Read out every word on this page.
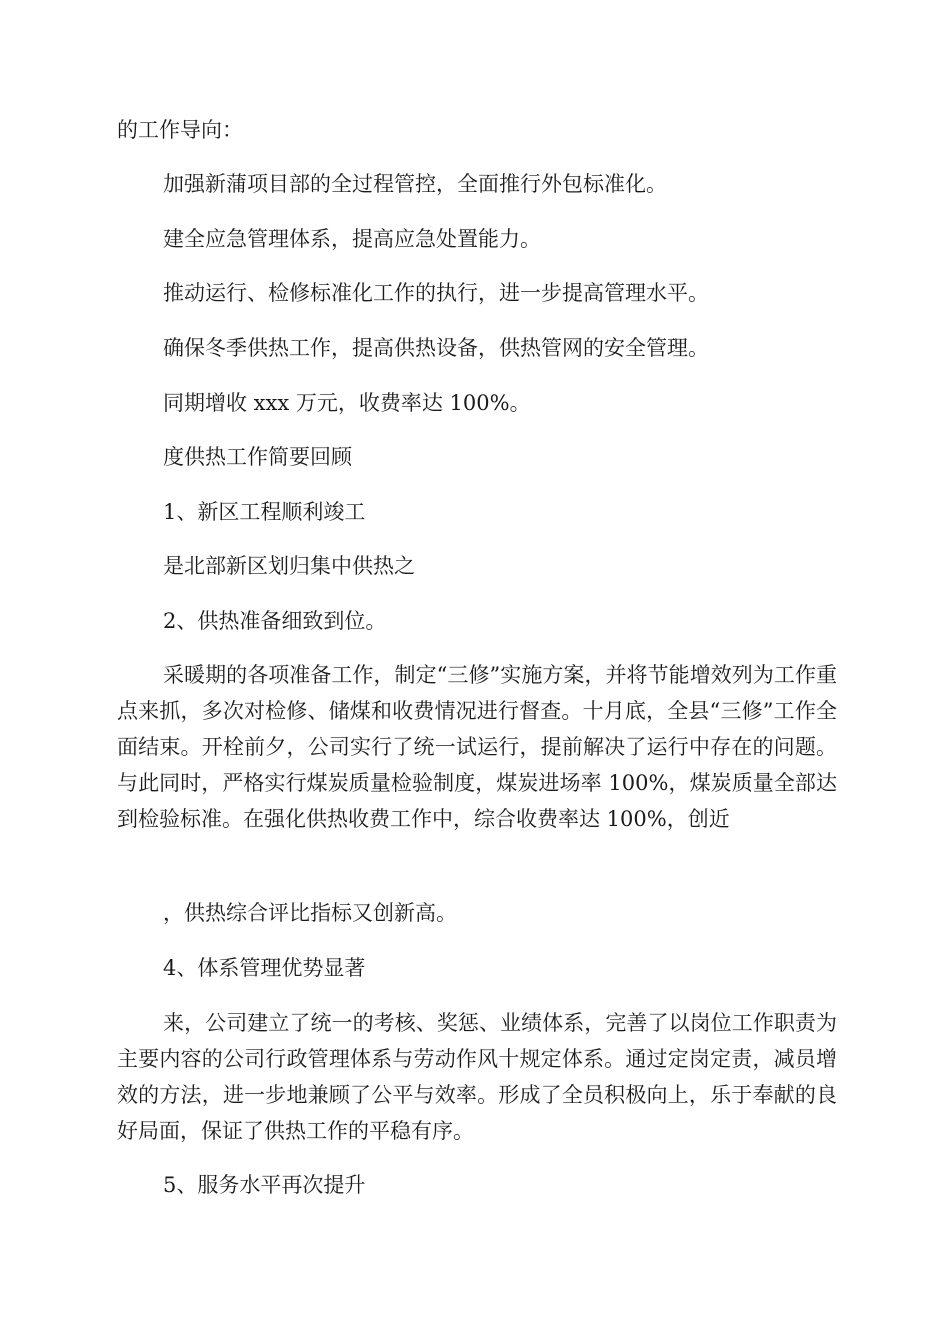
的工作导向：

加强新蒲项目部的全过程管控，全面推行外包标准化。

建全应急管理体系，提高应急处置能力。

推动运行、检修标准化工作的执行，进一步提高管理水平。

确保冬季供热工作，提高供热设备，供热管网的安全管理。

同期增收 xxx 万元，收费率达 100%。

度供热工作简要回顾

1、新区工程顺利竣工

是北部新区划归集中供热之

2、供热准备细致到位。

采暖期的各项准备工作，制定“三修”实施方案，并将节能增效列为工作重点来抓，多次对检修、储煤和收费情况进行督查。十月底，全县“三修”工作全面结束。开栓前夕，公司实行了统一试运行，提前解决了运行中存在的问题。与此同时，严格实行煤炭质量检验制度，煤炭进场率 100%，煤炭质量全部达到检验标准。在强化供热收费工作中，综合收费率达 100%，创近

，供热综合评比指标又创新高。

4、体系管理优势显著

来，公司建立了统一的考核、奖惩、业绩体系，完善了以岗位工作职责为主要内容的公司行政管理体系与劳动作风十规定体系。通过定岗定责，减员增效的方法，进一步地兼顾了公平与效率。形成了全员积极向上，乐于奉献的良好局面，保证了供热工作的平稳有序。

5、服务水平再次提升
